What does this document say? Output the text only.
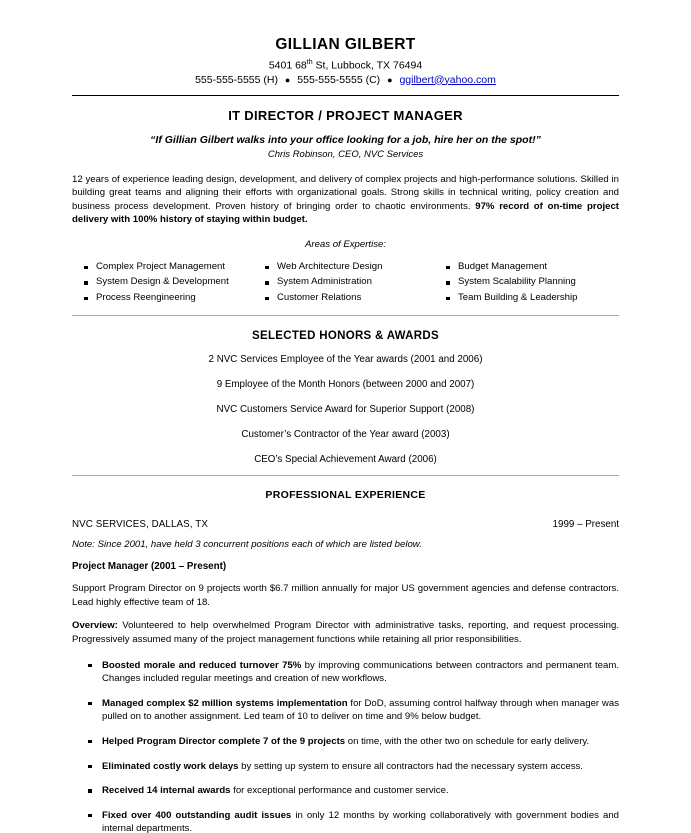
GILLIAN GILBERT
5401 68th St, Lubbock, TX 76494
555-555-5555 (H) ● 555-555-5555 (C) ● ggilbert@yahoo.com
IT DIRECTOR / PROJECT MANAGER
“If Gillian Gilbert walks into your office looking for a job, hire her on the spot!”
Chris Robinson, CEO, NVC Services

12 years of experience leading design, development, and delivery of complex projects and high-performance solutions. Skilled in building great teams and aligning their efforts with organizational goals. Strong skills in technical writing, policy creation and business process development. Proven history of bringing order to chaotic environments. 97% record of on-time project delivery with 100% history of staying within budget.

Areas of Expertise:
Complex Project Management	Web Architecture Design	Budget Management
System Design & Development	System Administration	System Scalability Planning
Process Reengineering	Customer Relations	Team Building & Leadership
SELECTED HONORS & AWARDS
2 NVC Services Employee of the Year awards (2001 and 2006)
9 Employee of the Month Honors (between 2000 and 2007)
NVC Customers Service Award for Superior Support (2008)
Customer’s Contractor of the Year award (2003)
CEO’s Special Achievement Award (2006)
PROFESSIONAL EXPERIENCE
NVC SERVICES, DALLAS, TX	1999 – Present
Note: Since 2001, have held 3 concurrent positions each of which are listed below.
Project Manager (2001 – Present)

Support Program Director on 9 projects worth $6.7 million annually for major US government agencies and defense contractors. Lead highly effective team of 18.

Overview: Volunteered to help overwhelmed Program Director with administrative tasks, reporting, and request processing. Progressively assumed many of the project management functions while retaining all prior responsibilities.

Boosted morale and reduced turnover 75% by improving communications between contractors and permanent team. Changes included regular meetings and creation of new workflows.
Managed complex $2 million systems implementation for DoD, assuming control halfway through when manager was pulled on to another assignment. Led team of 10 to deliver on time and 9% below budget.
Helped Program Director complete 7 of the 9 projects on time, with the other two on schedule for early delivery.
Eliminated costly work delays by setting up system to ensure all contractors had the necessary system access.
Received 14 internal awards for exceptional performance and customer service.
Fixed over 400 outstanding audit issues in only 12 months by working collaboratively with government bodies and internal departments.
